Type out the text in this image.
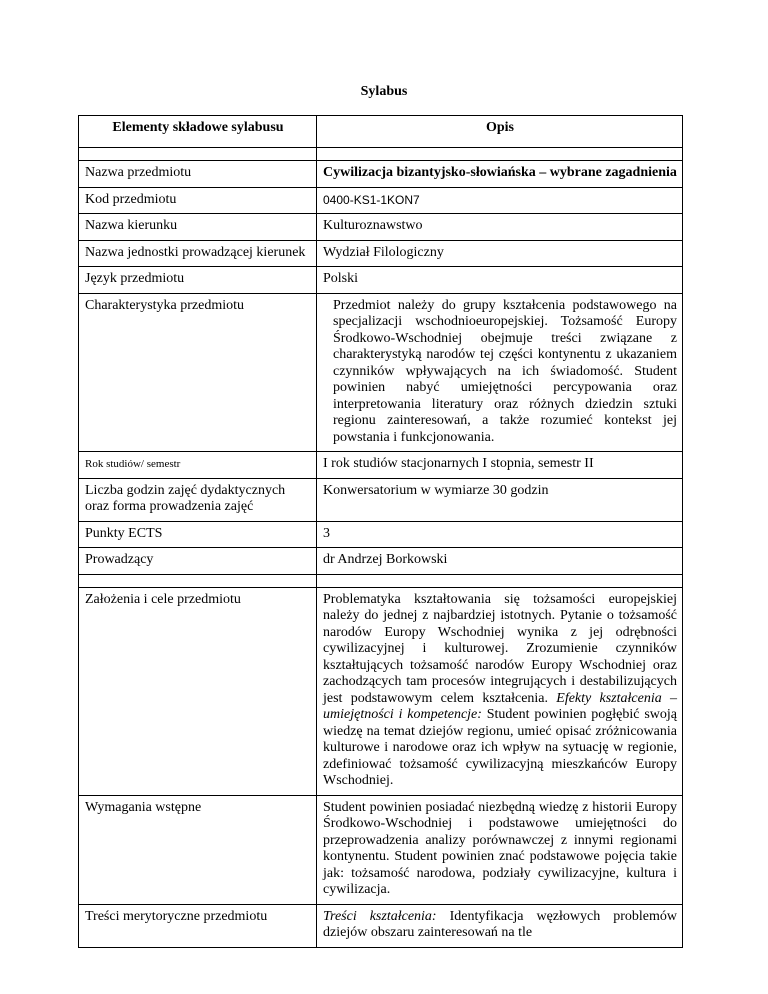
Sylabus
Elementy składowe sylabusu	Opis

Nazwa przedmiotu	Cywilizacja bizantyjsko-słowiańska – wybrane zagadnienia
Kod przedmiotu	0400-KS1-1KON7
Nazwa kierunku	Kulturoznawstwo
Nazwa jednostki prowadzącej kierunek	Wydział Filologiczny
Język przedmiotu	Polski
Charakterystyka przedmiotu	Przedmiot należy do grupy kształcenia podstawowego na specjalizacji wschodnioeuropejskiej. Tożsamość Europy Środkowo-Wschodniej obejmuje treści związane z charakterystyką narodów tej części kontynentu z ukazaniem czynników wpływających na ich świadomość. Student powinien nabyć umiejętności percypowania oraz interpretowania literatury oraz różnych dziedzin sztuki regionu zainteresowań, a także rozumieć kontekst jej powstania i funkcjonowania.
Rok studiów/ semestr	I rok studiów stacjonarnych I stopnia, semestr II
Liczba godzin zajęć dydaktycznych oraz forma prowadzenia zajęć	Konwersatorium w wymiarze 30 godzin
Punkty ECTS	3
Prowadzący	dr Andrzej Borkowski

Założenia i cele przedmiotu	Problematyka kształtowania się tożsamości europejskiej należy do jednej z najbardziej istotnych. Pytanie o tożsamość narodów Europy Wschodniej wynika z jej odrębności cywilizacyjnej i kulturowej. Zrozumienie czynników kształtujących tożsamość narodów Europy Wschodniej oraz zachodzących tam procesów integrujących i destabilizujących jest podstawowym celem kształcenia. Efekty kształcenia – umiejętności i kompetencje: Student powinien pogłębić swoją wiedzę na temat dziejów regionu, umieć opisać zróżnicowania kulturowe i narodowe oraz ich wpływ na sytuację w regionie, zdefiniować tożsamość cywilizacyjną mieszkańców Europy Wschodniej.
Wymagania wstępne	Student powinien posiadać niezbędną wiedzę z historii Europy Środkowo-Wschodniej i podstawowe umiejętności do przeprowadzenia analizy porównawczej z innymi regionami kontynentu. Student powinien znać podstawowe pojęcia takie jak: tożsamość narodowa, podziały cywilizacyjne, kultura i cywilizacja.
Treści merytoryczne przedmiotu	Treści kształcenia: Identyfikacja węzłowych problemów dziejów obszaru zainteresowań na tle
